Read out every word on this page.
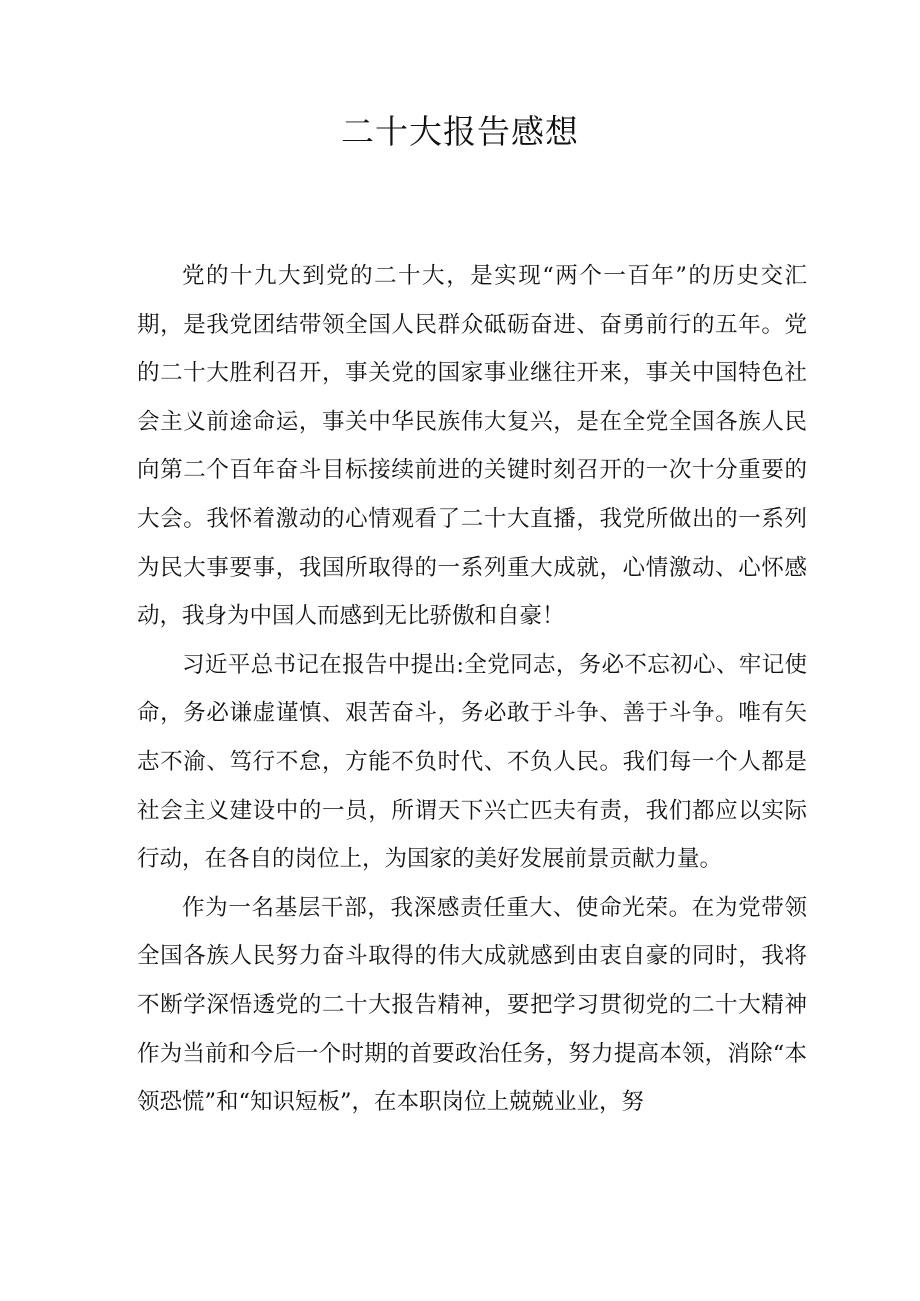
二十大报告感想

党的十九大到党的二十大，是实现“两个一百年”的历史交汇期，是我党团结带领全国人民群众砥砺奋进、奋勇前行的五年。党的二十大胜利召开，事关党的国家事业继往开来，事关中国特色社会主义前途命运，事关中华民族伟大复兴，是在全党全国各族人民向第二个百年奋斗目标接续前进的关键时刻召开的一次十分重要的大会。我怀着激动的心情观看了二十大直播，我党所做出的一系列为民大事要事，我国所取得的一系列重大成就，心情激动、心怀感动，我身为中国人而感到无比骄傲和自豪！

习近平总书记在报告中提出:全党同志，务必不忘初心、牢记使命，务必谦虚谨慎、艰苦奋斗，务必敢于斗争、善于斗争。唯有矢志不渝、笃行不怠，方能不负时代、不负人民。我们每一个人都是社会主义建设中的一员，所谓天下兴亡匹夫有责，我们都应以实际行动，在各自的岗位上，为国家的美好发展前景贡献力量。

作为一名基层干部，我深感责任重大、使命光荣。在为党带领全国各族人民努力奋斗取得的伟大成就感到由衷自豪的同时，我将不断学深悟透党的二十大报告精神，要把学习贯彻党的二十大精神作为当前和今后一个时期的首要政治任务，努力提高本领，消除“本领恐慌”和“知识短板”，在本职岗位上兢兢业业，努
